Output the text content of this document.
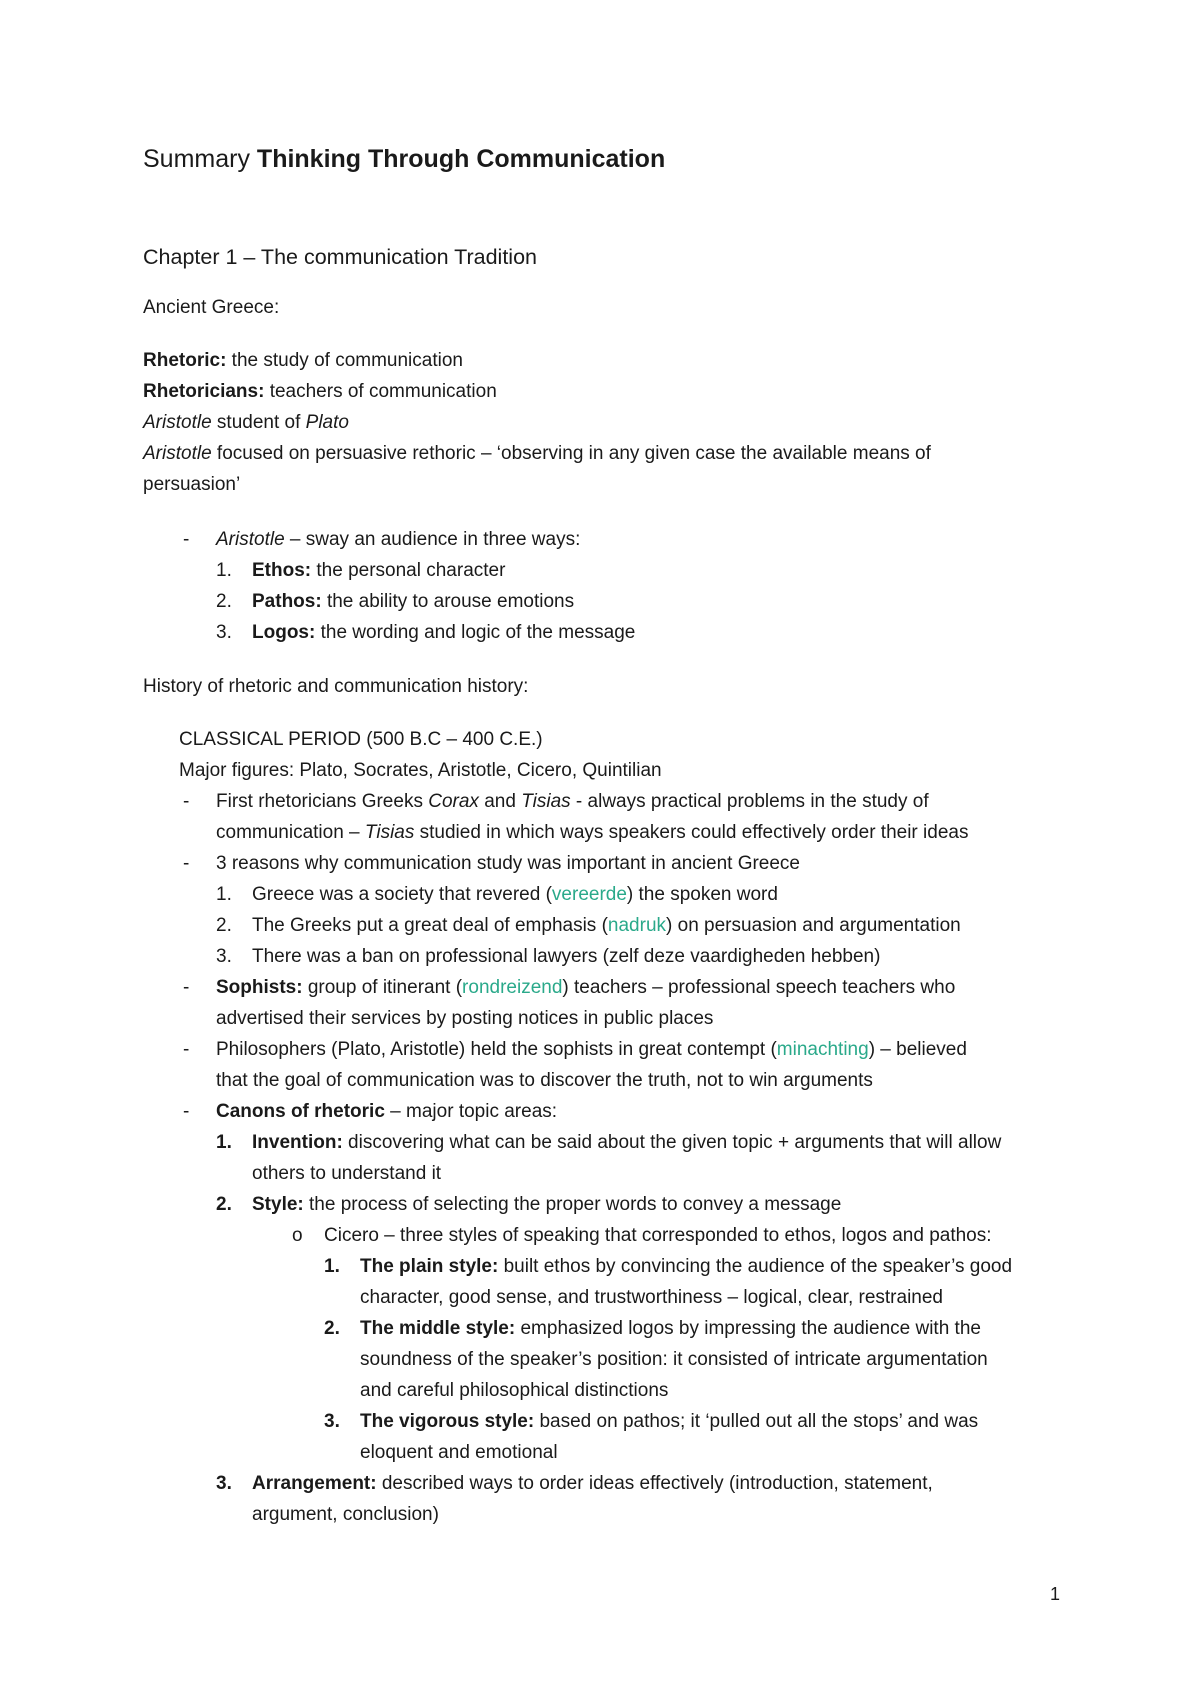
Summary Thinking Through Communication
Chapter 1 – The communication Tradition
Ancient Greece:
Rhetoric: the study of communication
Rhetoricians: teachers of communication
Aristotle student of Plato
Aristotle focused on persuasive rethoric – ‘observing in any given case the available means of
persuasion’
- Aristotle – sway an audience in three ways:
1. Ethos: the personal character
2. Pathos: the ability to arouse emotions
3. Logos: the wording and logic of the message
History of rhetoric and communication history:
CLASSICAL PERIOD (500 B.C – 400 C.E.)
Major figures: Plato, Socrates, Aristotle, Cicero, Quintilian
- First rhetoricians Greeks Corax and Tisias - always practical problems in the study of
communication – Tisias studied in which ways speakers could effectively order their ideas
- 3 reasons why communication study was important in ancient Greece
1. Greece was a society that revered (vereerde) the spoken word
2. The Greeks put a great deal of emphasis (nadruk) on persuasion and argumentation
3. There was a ban on professional lawyers (zelf deze vaardigheden hebben)
- Sophists: group of itinerant (rondreizend) teachers – professional speech teachers who
advertised their services by posting notices in public places
- Philosophers (Plato, Aristotle) held the sophists in great contempt (minachting) – believed
that the goal of communication was to discover the truth, not to win arguments
- Canons of rhetoric – major topic areas:
1. Invention: discovering what can be said about the given topic + arguments that will allow
others to understand it
2. Style: the process of selecting the proper words to convey a message
o Cicero – three styles of speaking that corresponded to ethos, logos and pathos:
1. The plain style: built ethos by convincing the audience of the speaker’s good
character, good sense, and trustworthiness – logical, clear, restrained
2. The middle style: emphasized logos by impressing the audience with the
soundness of the speaker’s position: it consisted of intricate argumentation
and careful philosophical distinctions
3. The vigorous style: based on pathos; it ‘pulled out all the stops’ and was
eloquent and emotional
3. Arrangement: described ways to order ideas effectively (introduction, statement,
argument, conclusion)
1
